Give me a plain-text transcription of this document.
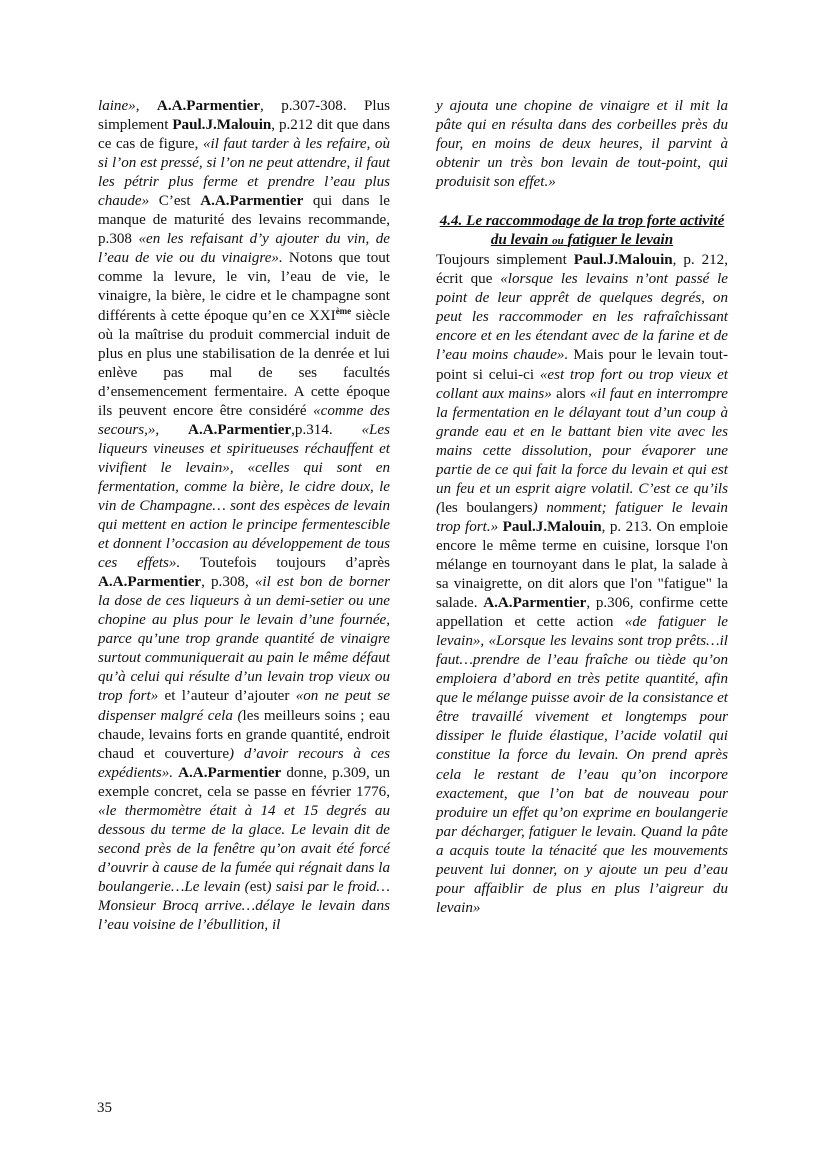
laine», A.A.Parmentier, p.307-308. Plus simplement Paul.J.Malouin, p.212 dit que dans ce cas de figure, «il faut tarder à les refaire, où si l’on est pressé, si l’on ne peut attendre, il faut les pétrir plus ferme et prendre l’eau plus chaude» C’est A.A.Parmentier qui dans le manque de maturité des levains recommande, p.308 «en les refaisant d’y ajouter du vin, de l’eau de vie ou du vinaigre». Notons que tout comme la levure, le vin, l’eau de vie, le vinaigre, la bière, le cidre et le champagne sont différents à cette époque qu’en ce XXIème siècle où la maîtrise du produit commercial induit de plus en plus une stabilisation de la denrée et lui enlève pas mal de ses facultés d’ensemencement fermentaire. A cette époque ils peuvent encore être considéré «comme des secours,», A.A.Parmentier,p.314. «Les liqueurs vineuses et spiritueuses réchauffent et vivifient le levain», «celles qui sont en fermentation, comme la bière, le cidre doux, le vin de Champagne… sont des espèces de levain qui mettent en action le principe fermentescible et donnent l’occasion au développement de tous ces effets». Toutefois toujours d’après A.A.Parmentier, p.308, «il est bon de borner la dose de ces liqueurs à un demi-setier ou une chopine au plus pour le levain d’une fournée, parce qu’une trop grande quantité de vinaigre surtout communiquerait au pain le même défaut qu’à celui qui résulte d’un levain trop vieux ou trop fort» et l’auteur d’ajouter «on ne peut se dispenser malgré cela (les meilleurs soins ; eau chaude, levains forts en grande quantité, endroit chaud et couverture) d’avoir recours à ces expédients». A.A.Parmentier donne, p.309, un exemple concret, cela se passe en février 1776, «le thermomètre était à 14 et 15 degrés au dessous du terme de la glace. Le levain dit de second près de la fenêtre qu’on avait été forcé d’ouvrir à cause de la fumée qui régnait dans la boulangerie…Le levain (est) saisi par le froid…Monsieur Brocq arrive…délaye le levain dans l’eau voisine de l’ébullition, il

y ajouta une chopine de vinaigre et il mit la pâte qui en résulta dans des corbeilles près du four, en moins de deux heures, il parvint à obtenir un très bon levain de tout-point, qui produisit son effet.»

4.4. Le raccommodage de la trop forte activité du levain ou fatiguer le levain

Toujours simplement Paul.J.Malouin, p. 212, écrit que «lorsque les levains n’ont passé le point de leur apprêt de quelques degrés, on peut les raccommoder en les rafraîchissant encore et en les étendant avec de la farine et de l’eau moins chaude». Mais pour le levain tout-point si celui-ci «est trop fort ou trop vieux et collant aux mains» alors «il faut en interrompre la fermentation en le délayant tout d’un coup à grande eau et en le battant bien vite avec les mains cette dissolution, pour évaporer une partie de ce qui fait la force du levain et qui est un feu et un esprit aigre volatil. C’est ce qu’ils (les boulangers) nomment; fatiguer le levain trop fort.» Paul.J.Malouin, p. 213. On emploie encore le même terme en cuisine, lorsque l'on mélange en tournoyant dans le plat, la salade à sa vinaigrette, on dit alors que l'on "fatigue" la salade. A.A.Parmentier, p.306, confirme cette appellation et cette action «de fatiguer le levain», «Lorsque les levains sont trop prêts…il faut…prendre de l’eau fraîche ou tiède qu’on emploiera d’abord en très petite quantité, afin que le mélange puisse avoir de la consistance et être travaillé vivement et longtemps pour dissiper le fluide élastique, l’acide volatil qui constitue la force du levain. On prend après cela le restant de l’eau qu’on incorpore exactement, que l’on bat de nouveau pour produire un effet qu’on exprime en boulangerie par décharger, fatiguer le levain. Quand la pâte a acquis toute la ténacité que les mouvements peuvent lui donner, on y ajoute un peu d’eau pour affaiblir de plus en plus l’aigreur du levain»

35
